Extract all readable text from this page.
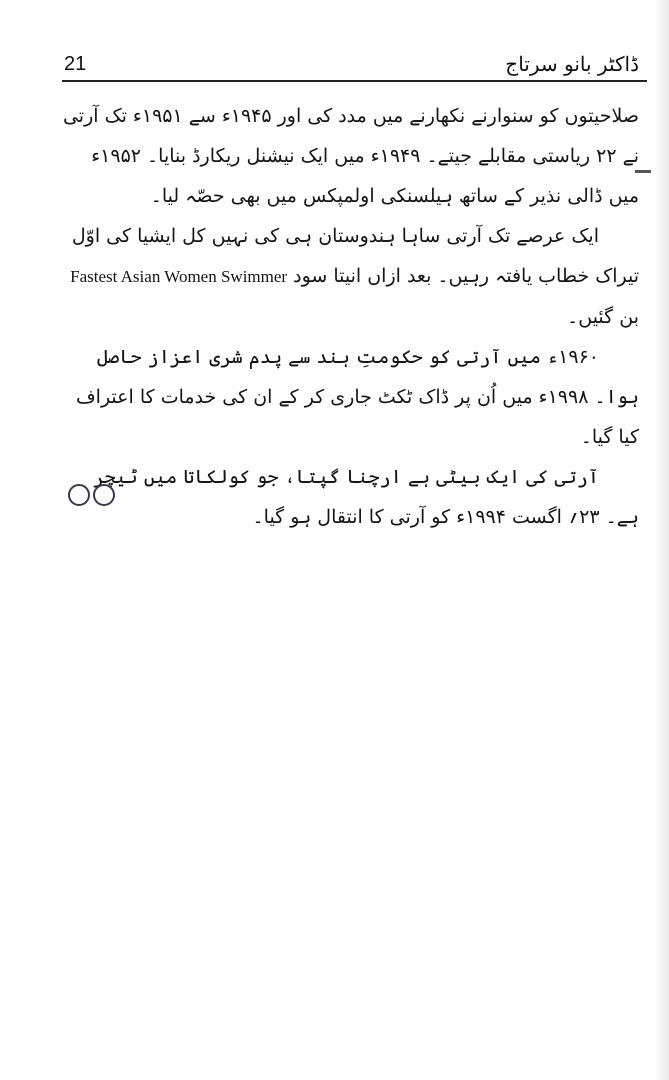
21	ڈاکٹر بانو سرتاج

صلاحیتوں کو سنوارنے نکھارنے میں مدد کی اور ۱۹۴۵ء سے ۱۹۵۱ء تک آرتی نے ۲۲ ریاستی مقابلے جیتے۔ ۱۹۴۹ء میں ایک نیشنل ریکارڈ بنایا۔ ۱۹۵۲ء میں ڈالی نذیر کے ساتھ ہیلسنکی اولمپکس میں بھی حصّہ لیا۔

ایک عرصے تک آرتی ساہا ہندوستان ہی کی نہیں کل ایشیا کی اوّل تیراک خطاب یافتہ رہیں۔ بعد ازاں انیتا سود Fastest Asian Women Swimmer بن گئیں۔

۱۹۶۰ء میں آرتی کو حکومتِ ہند سے پدم شری اعزاز حاصل ہوا۔ ۱۹۹۸ء میں اُن پر ڈاک ٹکٹ جاری کر کے ان کی خدمات کا اعتراف کیا گیا۔

آرتی کی ایک بیٹی ہے ارچنا گپتا، جو کولکاتا میں ٹیچر ہے۔ ۲۳؍ اگست ۱۹۹۴ء کو آرتی کا انتقال ہو گیا۔
